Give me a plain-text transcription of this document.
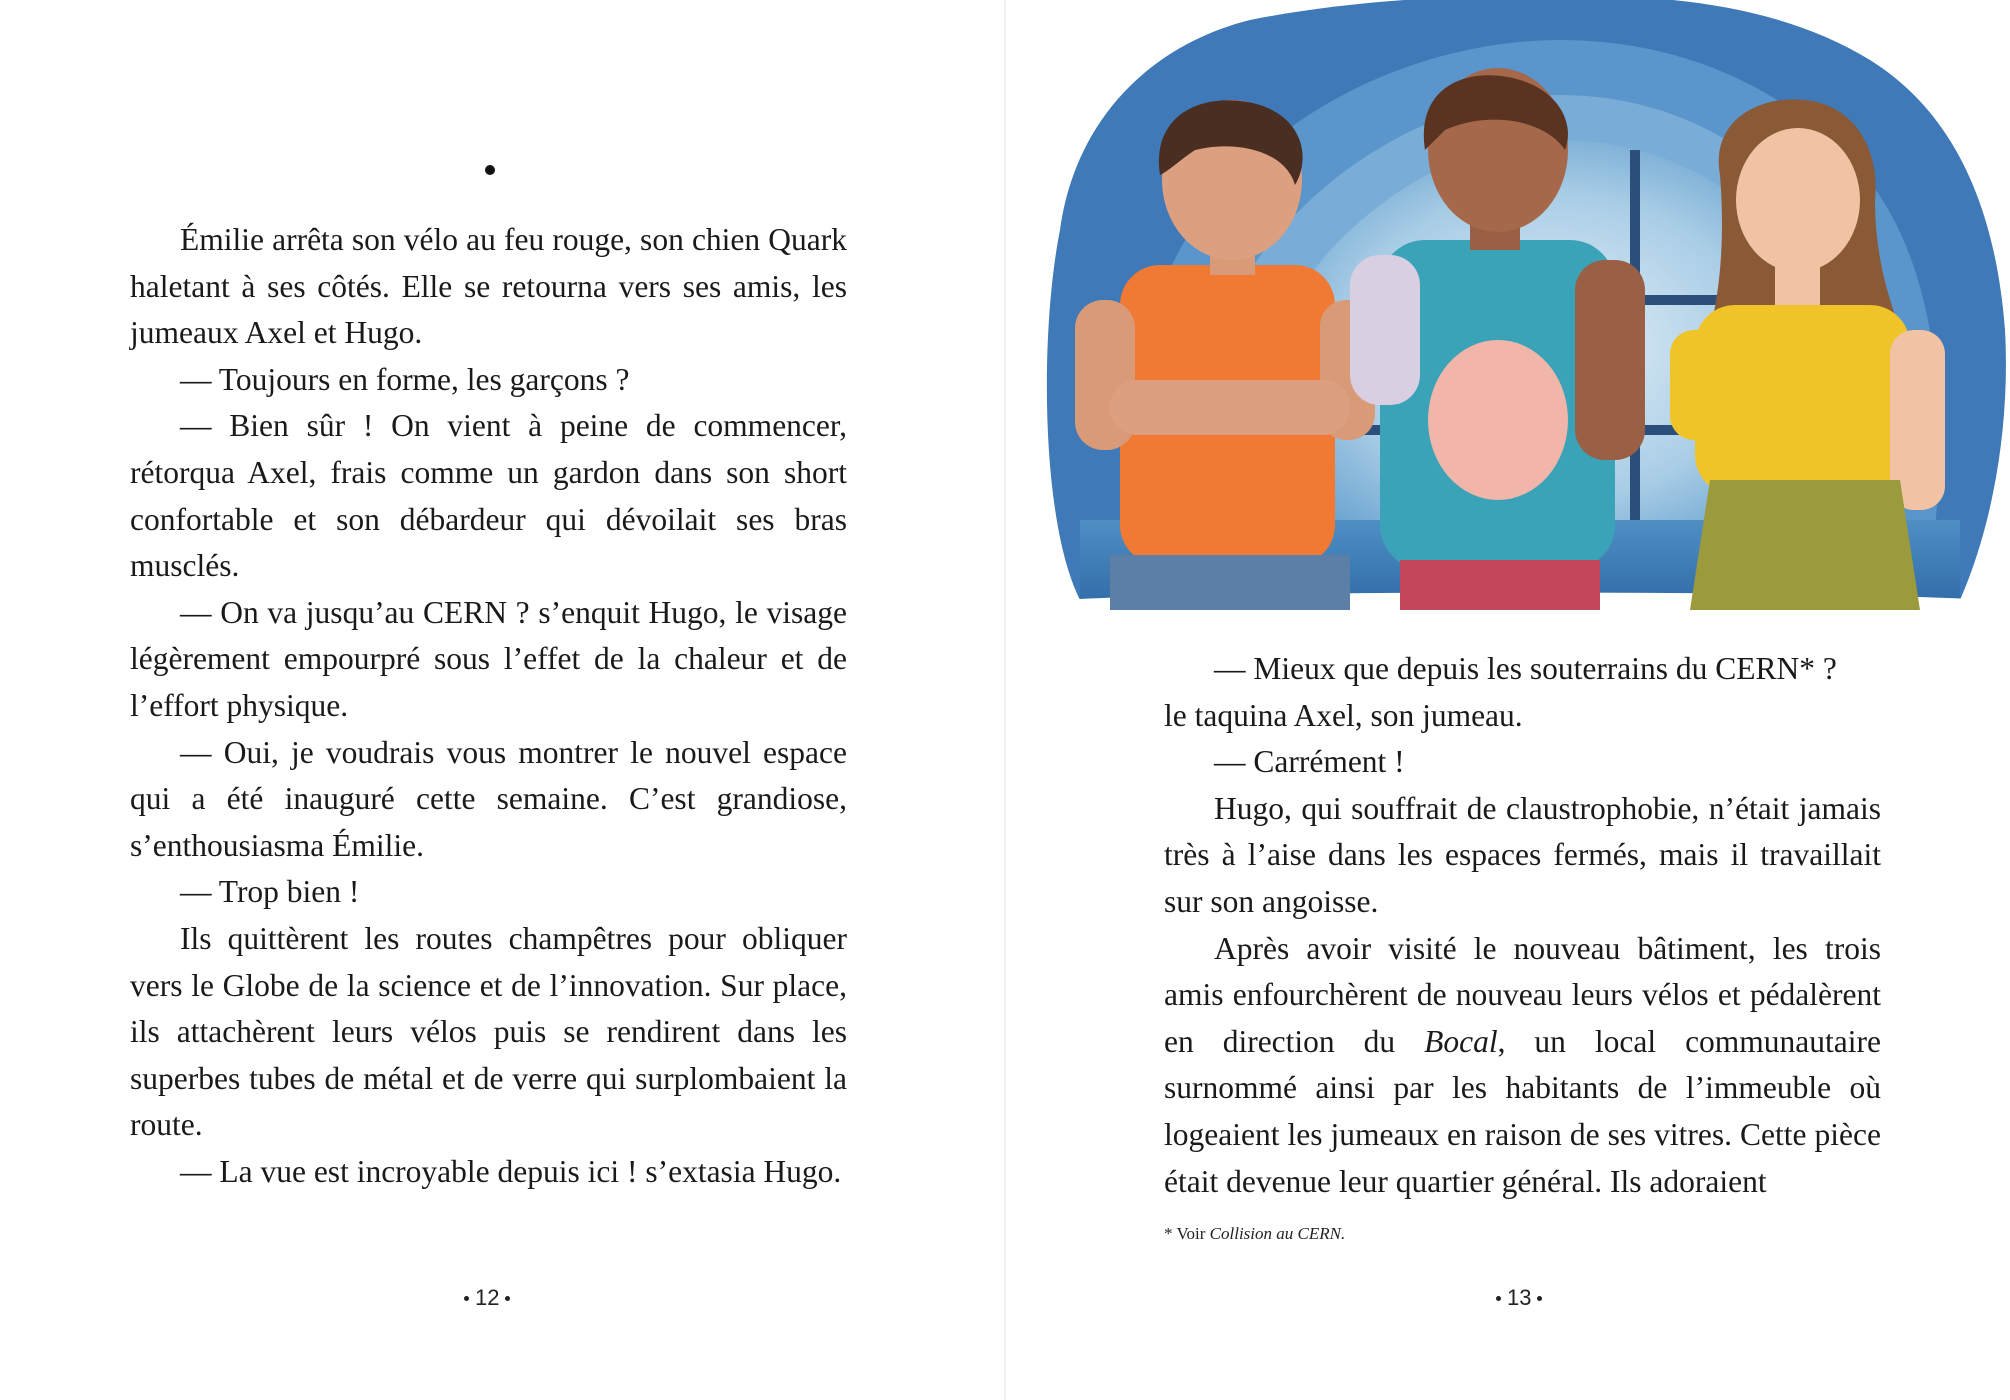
Émilie arrêta son vélo au feu rouge, son chien Quark haletant à ses côtés. Elle se retourna vers ses amis, les jumeaux Axel et Hugo.

— Toujours en forme, les garçons ?

— Bien sûr ! On vient à peine de commencer, rétorqua Axel, frais comme un gardon dans son short confortable et son débardeur qui dévoilait ses bras musclés.

— On va jusqu’au CERN ? s’enquit Hugo, le visage légèrement empourpré sous l’effet de la chaleur et de l’effort physique.

— Oui, je voudrais vous montrer le nouvel espace qui a été inauguré cette semaine. C’est grandiose, s’enthousiasma Émilie.

— Trop bien !

Ils quittèrent les routes champêtres pour obliquer vers le Globe de la science et de l’innovation. Sur place, ils attachèrent leurs vélos puis se rendirent dans les superbes tubes de métal et de verre qui surplombaient la route.

— La vue est incroyable depuis ici ! s’extasia Hugo.

12

— Mieux que depuis les souterrains du CERN* ?

le taquina Axel, son jumeau.

— Carrément !

Hugo, qui souffrait de claustrophobie, n’était jamais très à l’aise dans les espaces fermés, mais il travaillait sur son angoisse.

Après avoir visité le nouveau bâtiment, les trois amis enfourchèrent de nouveau leurs vélos et pédalèrent en direction du Bocal, un local communautaire surnommé ainsi par les habitants de l’immeuble où logeaient les jumeaux en raison de ses vitres. Cette pièce était devenue leur quartier général. Ils adoraient

* Voir Collision au CERN.
13
